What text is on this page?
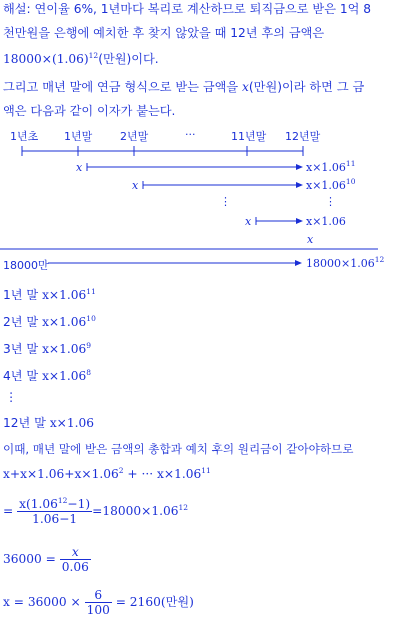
해설: 연이율 6%, 1년마다 복리로 계산하므로 퇴직금으로 받은 1억 8
천만원을 은행에 예치한 후 찾지 않았을 때 12년 후의 금액은
$18000\times(1.06)^{12}$(만원)이다.
그리고 매년 말에 연금 형식으로 받는 금액을 x(만원)이라 하면 그 금
액은 다음과 같이 이자가 붙는다.
1년초 1년말	2년말	···	11년말 12년말
x	$x\times 1.06^{11}$
x	$x\times 1.06^{10}$
⋮	⋮
x	x×1.06
x
18000만	$18000\times 1.06^{12}$
1년 말 $x\times 1.06^{11}$
2년 말 $x\times 1.06^{10}$
3년 말 $x\times 1.06^9$
4년 말 $x\times 1.06^8$
⋮
12년 말 x×1.06
이때, 매년 말에 받은 금액의 총합과 예치 후의 원리금이 같아야하므로
$x+x\times 1.06+x\times 1.06^2$ + ··· $x\times 1.06^{11}$
= $\frac{x(1.06^{12}-1)}{1.06-1} =18000\times 1.06^{12}$
$36000 = \frac{x}{0.06}$
$x = 36000 \times \frac{6}{100} = 2160$(만원)
